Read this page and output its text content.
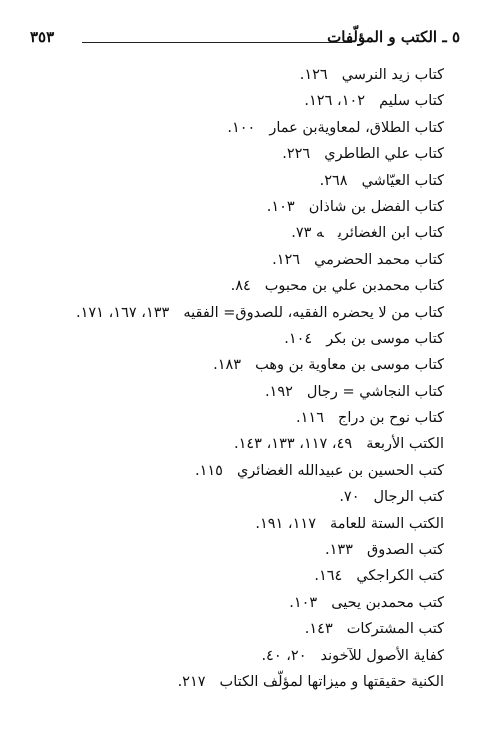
٥ ـ الكتب و المؤلّفات
٣٥٣
كتاب زيد النرسي١٢٦.
كتاب سليم١٠٢، ١٢٦.
كتاب الطلاق، لمعاويةبن عمار١٠٠.
كتاب علي الطاطري٢٢٦.
كتاب العيّاشي٢٦٨.
كتاب الفضل بن شاذان١٠٣.
كتاب ابن الغضائريه ٧٣.
كتاب محمد الحضرمي١٢٦.
كتاب محمدبن علي بن محبوب٨٤.
كتاب من لا يحضره الفقيه، للصدوق= الفقيه١٣٣، ١٦٧، ١٧١.
كتاب موسى بن بكر١٠٤.
كتاب موسى بن معاوية بن وهب١٨٣.
كتاب النجاشي = رجال١٩٢.
كتاب نوح بن دراج١١٦.
الكتب الأربعة٤٩، ١١٧، ١٣٣، ١٤٣.
كتب الحسين بن عبيدالله الغضائري١١٥.
كتب الرجال٧٠.
الكتب الستة للعامة١١٧، ١٩١.
كتب الصدوق١٣٣.
كتب الكراجكي١٦٤.
كتب محمدبن يحيى١٠٣.
كتب المشتركات١٤٣.
كفاية الأصول للآخوند٢٠، ٤٠.
الكنية حقيقتها و ميزاتها لمؤلّف الكتاب٢١٧.
